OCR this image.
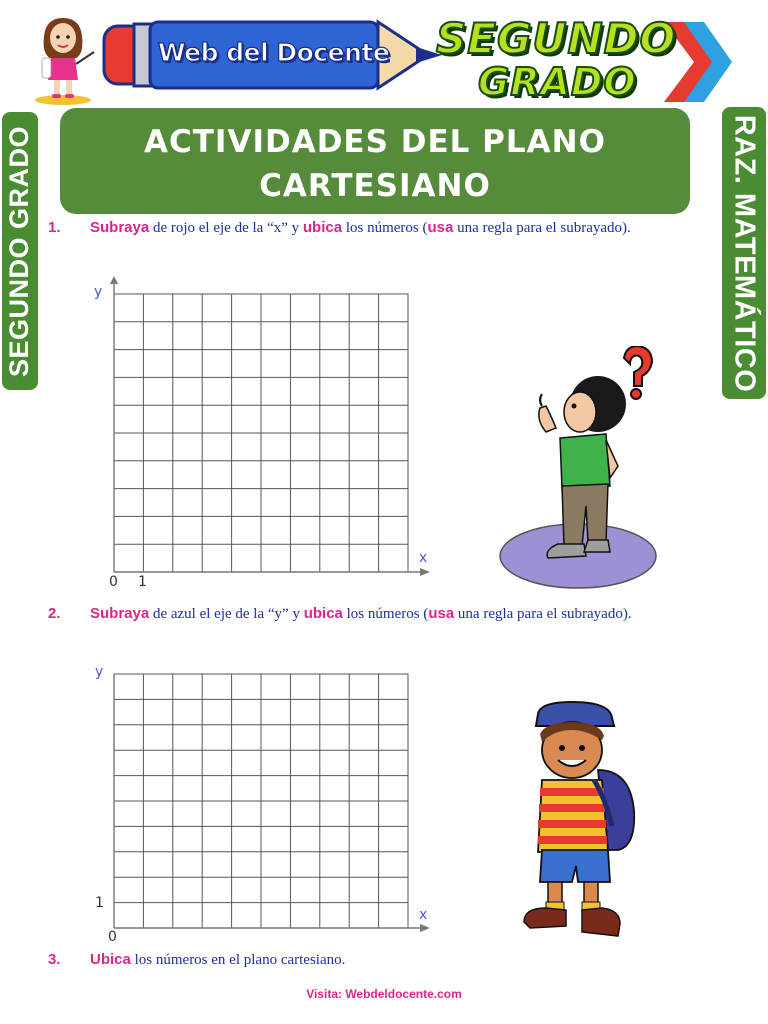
Web del Docente SEGUNDO
GRADO
SEGUNDO GRADO	RAZ. MATEMÁTICO
ACTIVIDADES DEL PLANO
CARTESIANO
1. Subraya de rojo el eje de la “x” y ubica los números (usa una regla para el subrayado).
y
x
0 1
2. Subraya de azul el eje de la “y” y ubica los números (usa una regla para el subrayado).
y
x
0
1
3. Ubica los números en el plano cartesiano.
Visita: Webdeldocente.com
